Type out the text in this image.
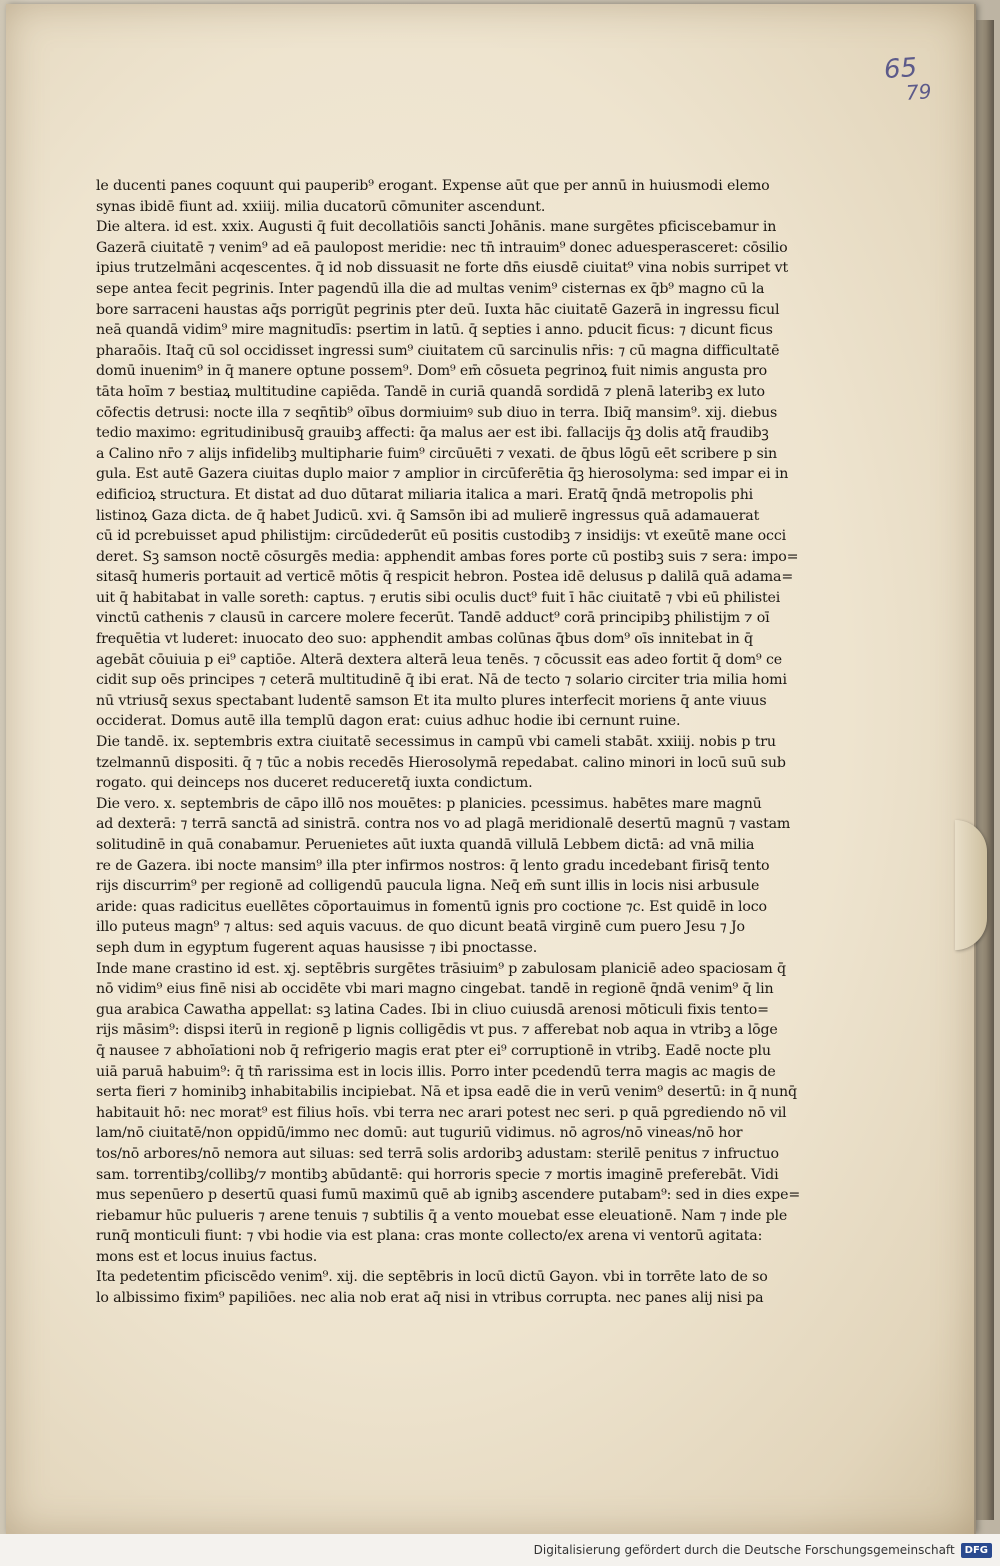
65
79
le ducenti panes coquunt qui pauperib⁹ erogant. Expense aūt que per annū in huiusmodi elemo
synas ibidē fiunt ad. xxiiij. milia ducatorū cōmuniter ascendunt.
Die altera. id est. xxix. Augusti q̄ fuit decollatiōis sancti Johānis. mane surgētes pficiscebamur in
Gazerā ciuitatē ⁊ venim⁹ ad eā paulopost meridie: nec tn̄ intrauim⁹ donec aduesperasceret: cōsilio
ipius trutzelmāni acqescentes. q̄ id nob dissuasit ne forte dn̄s eiusdē ciuitat⁹ vina nobis surripet vt
sepe antea fecit pegrinis. Inter pagendū illa die ad multas venim⁹ cisternas ex q̄b⁹ magno cū la
bore sarraceni haustas aq̄s porrigūt pegrinis pter deū. Iuxta hāc ciuitatē Gazerā in ingressu ficul
neā quandā vidim⁹ mire magnitudīs: psertim in latū. q̄ septies i anno. pducit ficus: ⁊ dicunt ficus
pharaōis. Itaq̄ cū sol occidisset ingressi sum⁹ ciuitatem cū sarcinulis nr̄is: ⁊ cū magna difficultatē
domū inuenim⁹ in q̄ manere optune possem⁹. Dom⁹ em̄ cōsueta pegrinoꝝ fuit nimis angusta pro
tāta hoīm ⁊ bestiaꝝ multitudine capiēda. Tandē in curiā quandā sordidā ⁊ plenā lateribꝫ ex luto
cōfectis detrusi: nocte illa ⁊ seqn̄tib⁹ oībus dormiuimꝰ sub diuo in terra. Ibiq̄ mansim⁹. xij. diebus
tedio maximo: egritudinibusq̄ grauibꝫ affecti: q̄a malus aer est ibi. fallacijs q̄ꝫ dolis atq̄ fraudibꝫ
a Calino nr̄o ⁊ alijs infidelibꝫ multipharie fuim⁹ circūuēti ⁊ vexati. de q̄bus lōgū eēt scribere p sin
gula. Est autē Gazera ciuitas duplo maior ⁊ amplior in circūferētia q̄ꝫ hierosolyma: sed impar ei in
edificioꝝ structura. Et distat ad duo dūtarat miliaria italica a mari. Eratq̄ q̄ndā metropolis phi
listinoꝝ Gaza dicta. de q̄ habet Judicū. xvi. q̄ Samsōn ibi ad mulierē ingressus quā adamauerat
cū id pcrebuisset apud philistijm: circūdederūt eū positis custodibꝫ ⁊ insidijs: vt exeūtē mane occi
deret. Sꝫ samson noctē cōsurgēs media: apphendit ambas fores porte cū postibꝫ suis ⁊ sera: impo=
sitasq̄ humeris portauit ad verticē mōtis q̄ respicit hebron. Postea idē delusus p dalilā quā adama=
uit q̄ habitabat in valle soreth: captus. ⁊ erutis sibi oculis duct⁹ fuit ī hāc ciuitatē ⁊ vbi eū philistei
vinctū cathenis ⁊ clausū in carcere molere fecerūt. Tandē adduct⁹ corā principibꝫ philistijm ⁊ oī
frequētia vt luderet: inuocato deo suo: apphendit ambas colūnas q̄bus dom⁹ oīs innitebat in q̄
agebāt cōuiuia p ei⁹ captiōe. Alterā dextera alterā leua tenēs. ⁊ cōcussit eas adeo fortit q̄ dom⁹ ce
cidit sup oēs principes ⁊ ceterā multitudinē q̄ ibi erat. Nā de tecto ⁊ solario circiter tria milia homi
nū vtriusq̄ sexus spectabant ludentē samson Et ita multo plures interfecit moriens q̄ ante viuus
occiderat. Domus autē illa templū dagon erat: cuius adhuc hodie ibi cernunt ruine.
Die tandē. ix. septembris extra ciuitatē secessimus in campū vbi cameli stabāt. xxiiij. nobis p tru
tzelmannū dispositi. q̄ ⁊ tūc a nobis recedēs Hierosolymā repedabat. calino minori in locū suū sub
rogato. qui deinceps nos duceret reduceretq̄ iuxta condictum.
Die vero. x. septembris de cāpo illō nos mouētes: p planicies. pcessimus. habētes mare magnū
ad dexterā: ⁊ terrā sanctā ad sinistrā. contra nos vo ad plagā meridionalē desertū magnū ⁊ vastam
solitudinē in quā conabamur. Peruenietes aūt iuxta quandā villulā Lebbem dictā: ad vnā milia
re de Gazera. ibi nocte mansim⁹ illa pter infirmos nostros: q̄ lento gradu incedebant firisq̄ tento
rijs discurrim⁹ per regionē ad colligendū paucula ligna. Neq̄ em̄ sunt illis in locis nisi arbusule
aride: quas radicitus euellētes cōportauimus in fomentū ignis pro coctione ⁊c. Est quidē in loco
illo puteus magn⁹ ⁊ altus: sed aquis vacuus. de quo dicunt beatā virginē cum puero Jesu ⁊ Jo
seph dum in egyptum fugerent aquas hausisse ⁊ ibi pnoctasse.
Inde mane crastino id est. xj. septēbris surgētes trāsiuim⁹ p zabulosam planiciē adeo spaciosam q̄
nō vidim⁹ eius finē nisi ab occidēte vbi mari magno cingebat. tandē in regionē q̄ndā venim⁹ q̄ lin
gua arabica Cawatha appellat: sꝫ latina Cades. Ibi in cliuo cuiusdā arenosi mōticuli fixis tento=
rijs māsim⁹: dispsi iterū in regionē p lignis colligēdis vt pus. ⁊ afferebat nob aqua in vtribꝫ a lōge
q̄ nausee ⁊ abhoīationi nob q̄ refrigerio magis erat pter ei⁹ corruptionē in vtribꝫ. Eadē nocte plu
uiā paruā habuim⁹: q̄ tn̄ rarissima est in locis illis. Porro inter pcedendū terra magis ac magis de
serta fieri ⁊ hominibꝫ inhabitabilis incipiebat. Nā et ipsa eadē die in verū venim⁹ desertū: in q̄ nunq̄
habitauit hō: nec morat⁹ est filius hoīs. vbi terra nec arari potest nec seri. p quā pgrediendo nō vil
lam/nō ciuitatē/non oppidū/immo nec domū: aut tuguriū vidimus. nō agros/nō vineas/nō hor
tos/nō arbores/nō nemora aut siluas: sed terrā solis ardoribꝫ adustam: sterilē penitus ⁊ infructuo
sam. torrentibꝫ/collibꝫ/⁊ montibꝫ abūdantē: qui horroris specie ⁊ mortis imaginē preferebāt. Vidi
mus sepenūero p desertū quasi fumū maximū quē ab ignibꝫ ascendere putabam⁹: sed in dies expe=
riebamur hūc pulueris ⁊ arene tenuis ⁊ subtilis q̄ a vento mouebat esse eleuationē. Nam ⁊ inde ple
runq̄ monticuli fiunt: ⁊ vbi hodie via est plana: cras monte collecto/ex arena vi ventorū agitata:
mons est et locus inuius factus.
Ita pedetentim pficiscēdo venim⁹. xij. die septēbris in locū dictū Gayon. vbi in torrēte lato de so
lo albissimo fixim⁹ papiliōes. nec alia nob erat aq̄ nisi in vtribus corrupta. nec panes alij nisi pa
Digitalisierung gefördert durch die Deutsche Forschungsgemeinschaft	DFG
